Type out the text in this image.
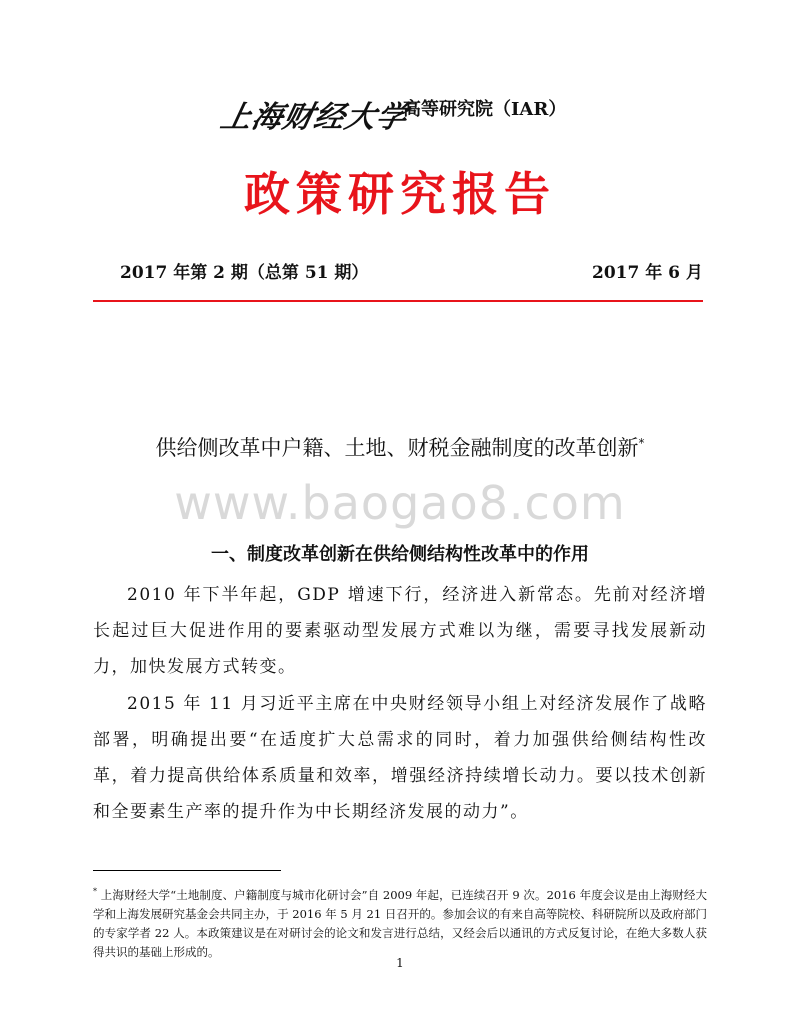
上海财经大学
高等研究院（IAR）
政策研究报告
2017 年第 2 期（总第 51 期）	2017 年 6 月
供给侧改革中户籍、土地、财税金融制度的改革创新*
www.baogao8.com
一、制度改革创新在供给侧结构性改革中的作用

2010 年下半年起，GDP 增速下行，经济进入新常态。先前对经济增长起过巨大促进作用的要素驱动型发展方式难以为继，需要寻找发展新动力，加快发展方式转变。

2015 年 11 月习近平主席在中央财经领导小组上对经济发展作了战略部署，明确提出要“在适度扩大总需求的同时，着力加强供给侧结构性改革，着力提高供给体系质量和效率，增强经济持续增长动力。要以技术创新和全要素生产率的提升作为中长期经济发展的动力”。

* 上海财经大学“土地制度、户籍制度与城市化研讨会”自 2009 年起，已连续召开 9 次。2016 年度会议是由上海财经大学和上海发展研究基金会共同主办，于 2016 年 5 月 21 日召开的。参加会议的有来自高等院校、科研院所以及政府部门的专家学者 22 人。本政策建议是在对研讨会的论文和发言进行总结，又经会后以通讯的方式反复讨论，在绝大多数人获得共识的基础上形成的。

1
